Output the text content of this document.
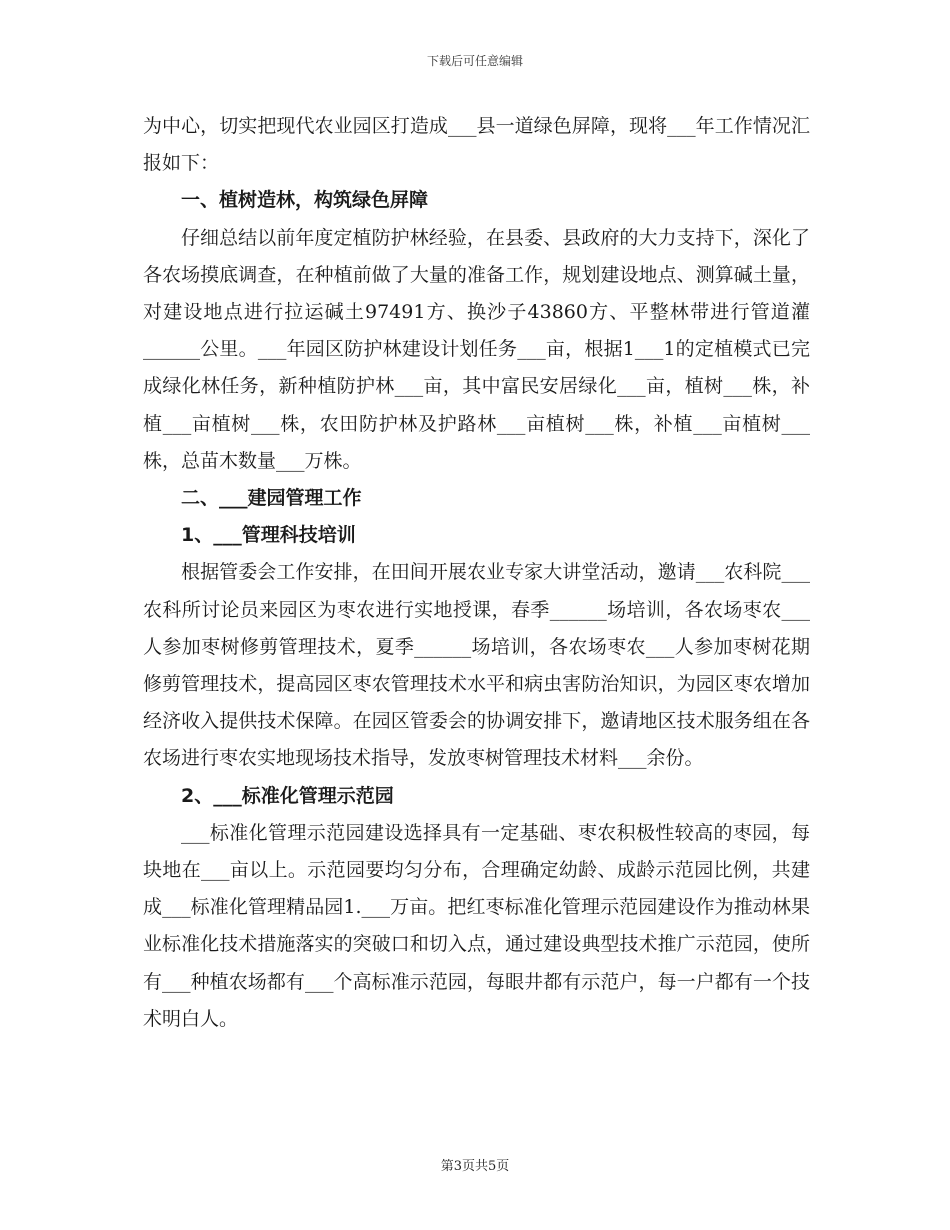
下载后可任意编辑

为中心，切实把现代农业园区打造成___县一道绿色屏障，现将___年工作情况汇报如下：

一、植树造林，构筑绿色屏障

仔细总结以前年度定植防护林经验，在县委、县政府的大力支持下，深化了各农场摸底调查，在种植前做了大量的准备工作，规划建设地点、测算碱土量，对建设地点进行拉运碱土97491方、换沙子43860方、平整林带进行管道灌______公里。___年园区防护林建设计划任务___亩，根据1___1的定植模式已完成绿化林任务，新种植防护林___亩，其中富民安居绿化___亩，植树___株，补植___亩植树___株，农田防护林及护路林___亩植树___株，补植___亩植树___株，总苗木数量___万株。

二、___建园管理工作

1、___管理科技培训

根据管委会工作安排，在田间开展农业专家大讲堂活动，邀请___农科院___农科所讨论员来园区为枣农进行实地授课，春季______场培训，各农场枣农___人参加枣树修剪管理技术，夏季______场培训，各农场枣农___人参加枣树花期修剪管理技术，提高园区枣农管理技术水平和病虫害防治知识，为园区枣农增加经济收入提供技术保障。在园区管委会的协调安排下，邀请地区技术服务组在各农场进行枣农实地现场技术指导，发放枣树管理技术材料___余份。

2、___标准化管理示范园

___标准化管理示范园建设选择具有一定基础、枣农积极性较高的枣园，每块地在___亩以上。示范园要均匀分布，合理确定幼龄、成龄示范园比例，共建成___标准化管理精品园1.___万亩。把红枣标准化管理示范园建设作为推动林果业标准化技术措施落实的突破口和切入点，通过建设典型技术推广示范园，使所有___种植农场都有___个高标准示范园，每眼井都有示范户，每一户都有一个技术明白人。

第3页共5页
